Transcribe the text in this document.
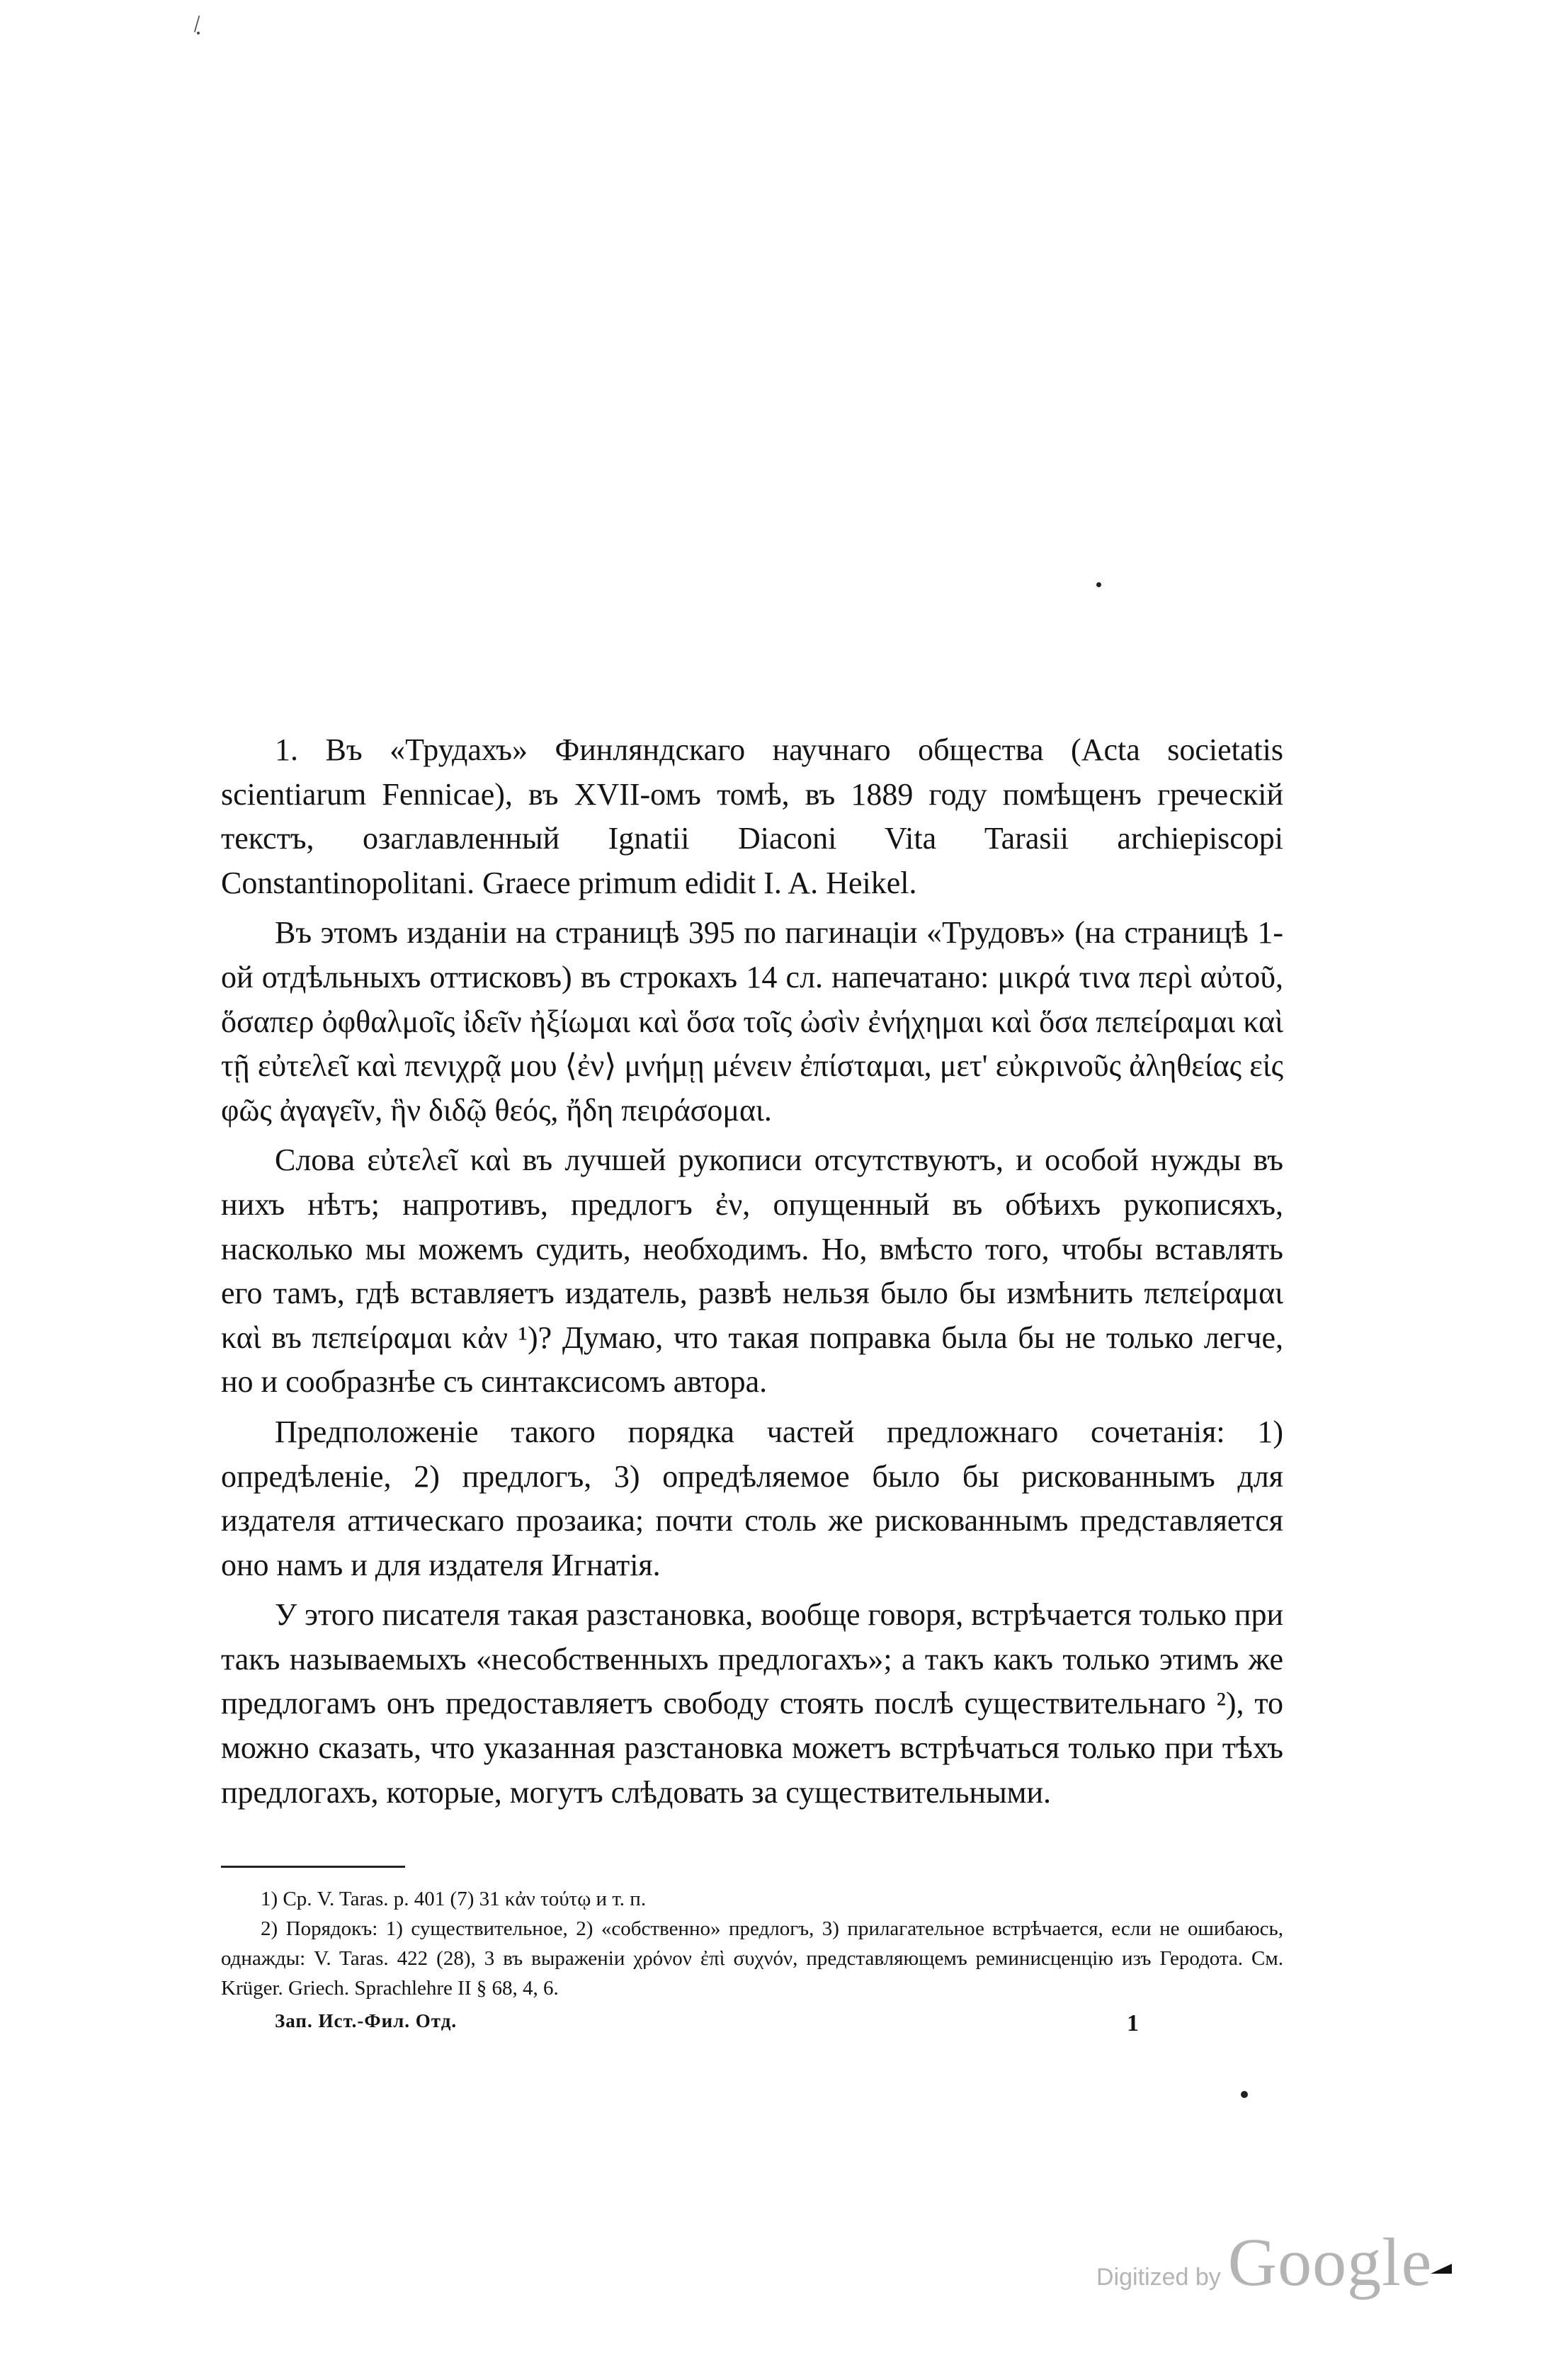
\.

1. Въ «Трудахъ» Финляндскаго научнаго общества (Acta societatis scientiarum Fennicae), въ XVII-омъ томѣ, въ 1889 году помѣщенъ греческій текстъ, озаглавленный Ignatii Diaconi Vita Tarasii archiepiscopi Constantinopolitani. Graece primum edidit I. A. Heikel.

Въ этомъ изданіи на страницѣ 395 по пагинаціи «Трудовъ» (на страницѣ 1-ой отдѣльныхъ оттисковъ) въ строкахъ 14 сл. напечатано: μικρά τινα περὶ αὐτοῦ, ὅσαπερ ὀφθαλμοῖς ἰδεῖν ἠξίωμαι καὶ ὅσα τοῖς ὠσὶν ἐνήχημαι καὶ ὅσα πεπείραμαι καὶ τῇ εὐτελεῖ καὶ πενιχρᾷ μου ⟨ἐν⟩ μνήμῃ μένειν ἐπίσταμαι, μετ' εὐκρινοῦς ἀληθείας εἰς φῶς ἀγαγεῖν, ἣν διδῷ θεός, ἤδη πειράσομαι.

Слова εὐτελεῖ καὶ въ лучшей рукописи отсутствуютъ, и особой нужды въ нихъ нѣтъ; напротивъ, предлогъ ἐν, опущенный въ обѣихъ рукописяхъ, насколько мы можемъ судить, необходимъ. Но, вмѣсто того, чтобы вставлять его тамъ, гдѣ вставляетъ издатель, развѣ нельзя было бы измѣнить πεπείραμαι καὶ въ πεπείραμαι κἀν ¹)? Думаю, что такая поправка была бы не только легче, но и сообразнѣе съ синтаксисомъ автора.

Предположеніе такого порядка частей предложнаго сочетанія: 1) опредѣленіе, 2) предлогъ, 3) опредѣляемое было бы рискованнымъ для издателя аттическаго прозаика; почти столь же рискованнымъ представляется оно намъ и для издателя Игнатія.

У этого писателя такая разстановка, вообще говоря, встрѣчается только при такъ называемыхъ «несобственныхъ предлогахъ»; а такъ какъ только этимъ же предлогамъ онъ предоставляетъ свободу стоять послѣ существительнаго ²), то можно сказать, что указанная разстановка можетъ встрѣчаться только при тѣхъ предлогахъ, которые, могутъ слѣдовать за существительными.

1) Ср. V. Taras. p. 401 (7) 31 κἀν τούτῳ и т. п.

2) Порядокъ: 1) существительное, 2) «собственно» предлогъ, 3) прилагательное встрѣчается, если не ошибаюсь, однажды: V. Taras. 422 (28), 3 въ выраженіи χρόνον ἐπὶ συχνόν, представляющемъ реминисценцію изъ Геродота. См. Krüger. Griech. Sprachlehre II § 68, 4, 6.

Зап. Ист.-Фил. Отд.	1
Digitized by Google
